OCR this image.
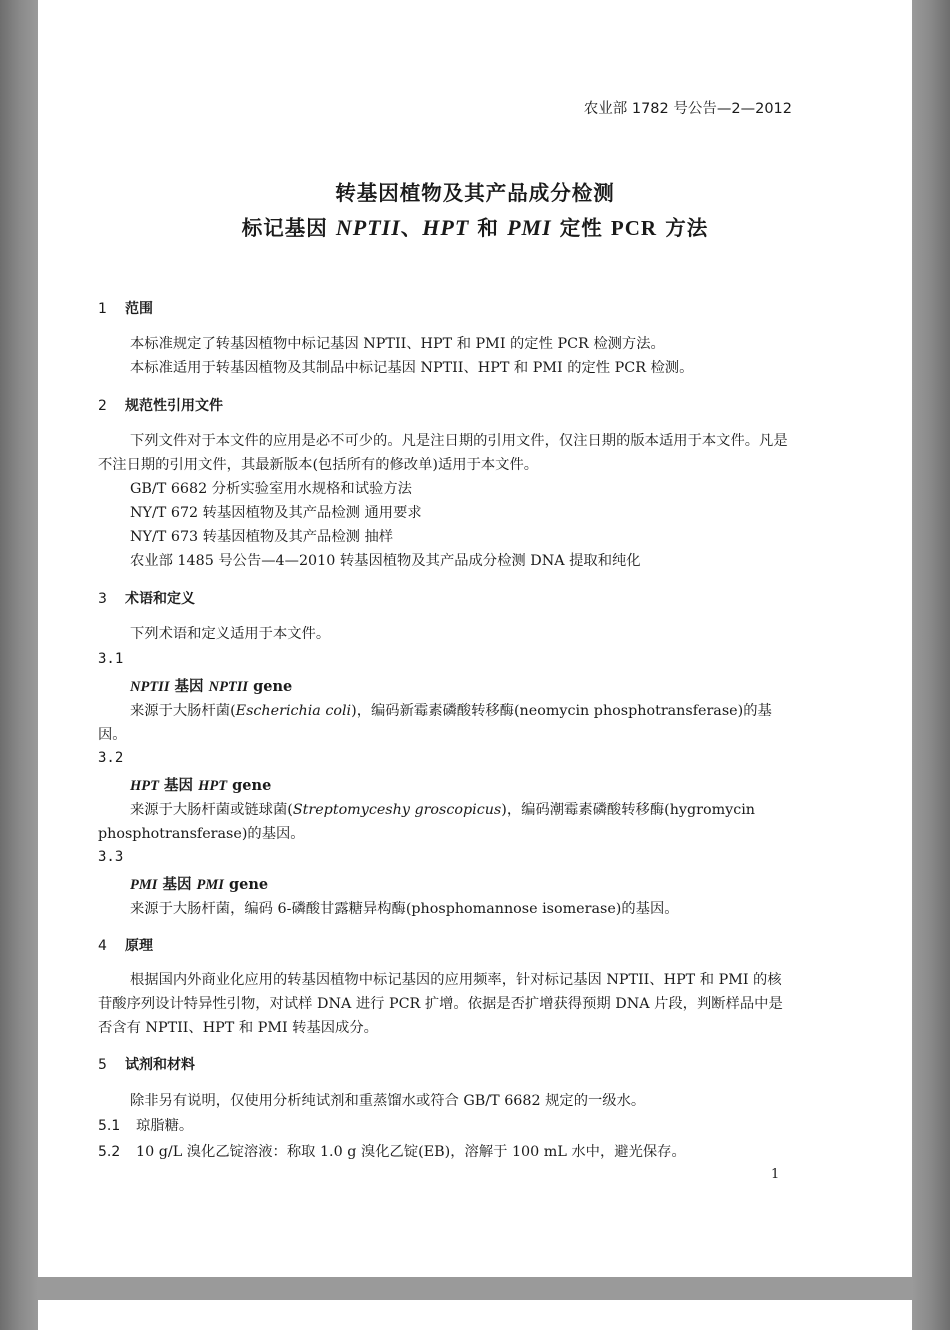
农业部 1782 号公告—2—2012
转基因植物及其产品成分检测
标记基因 NPTII、HPT 和 PMI 定性 PCR 方法
1 范围
本标准规定了转基因植物中标记基因 NPTII、HPT 和 PMI 的定性 PCR 检测方法。
本标准适用于转基因植物及其制品中标记基因 NPTII、HPT 和 PMI 的定性 PCR 检测。
2 规范性引用文件
下列文件对于本文件的应用是必不可少的。凡是注日期的引用文件，仅注日期的版本适用于本文件。凡是不注日期的引用文件，其最新版本(包括所有的修改单)适用于本文件。
GB/T 6682 分析实验室用水规格和试验方法
NY/T 672 转基因植物及其产品检测 通用要求
NY/T 673 转基因植物及其产品检测 抽样
农业部 1485 号公告—4—2010 转基因植物及其产品成分检测 DNA 提取和纯化
3 术语和定义
下列术语和定义适用于本文件。
3.1
NPTII 基因 NPTII gene
来源于大肠杆菌(Escherichia coli)，编码新霉素磷酸转移酶(neomycin phosphotransferase)的基因。
3.2
HPT 基因 HPT gene
来源于大肠杆菌或链球菌(Streptomyceshy groscopicus)，编码潮霉素磷酸转移酶(hygromycin phosphotransferase)的基因。
3.3
PMI 基因 PMI gene
来源于大肠杆菌，编码 6-磷酸甘露糖异构酶(phosphomannose isomerase)的基因。
4 原理
根据国内外商业化应用的转基因植物中标记基因的应用频率，针对标记基因 NPTII、HPT 和 PMI 的核苷酸序列设计特异性引物，对试样 DNA 进行 PCR 扩增。依据是否扩增获得预期 DNA 片段，判断样品中是否含有 NPTII、HPT 和 PMI 转基因成分。
5 试剂和材料
除非另有说明，仅使用分析纯试剂和重蒸馏水或符合 GB/T 6682 规定的一级水。
5.1 琼脂糖。
5.2 10 g/L 溴化乙锭溶液：称取 1.0 g 溴化乙锭(EB)，溶解于 100 mL 水中，避光保存。
1
